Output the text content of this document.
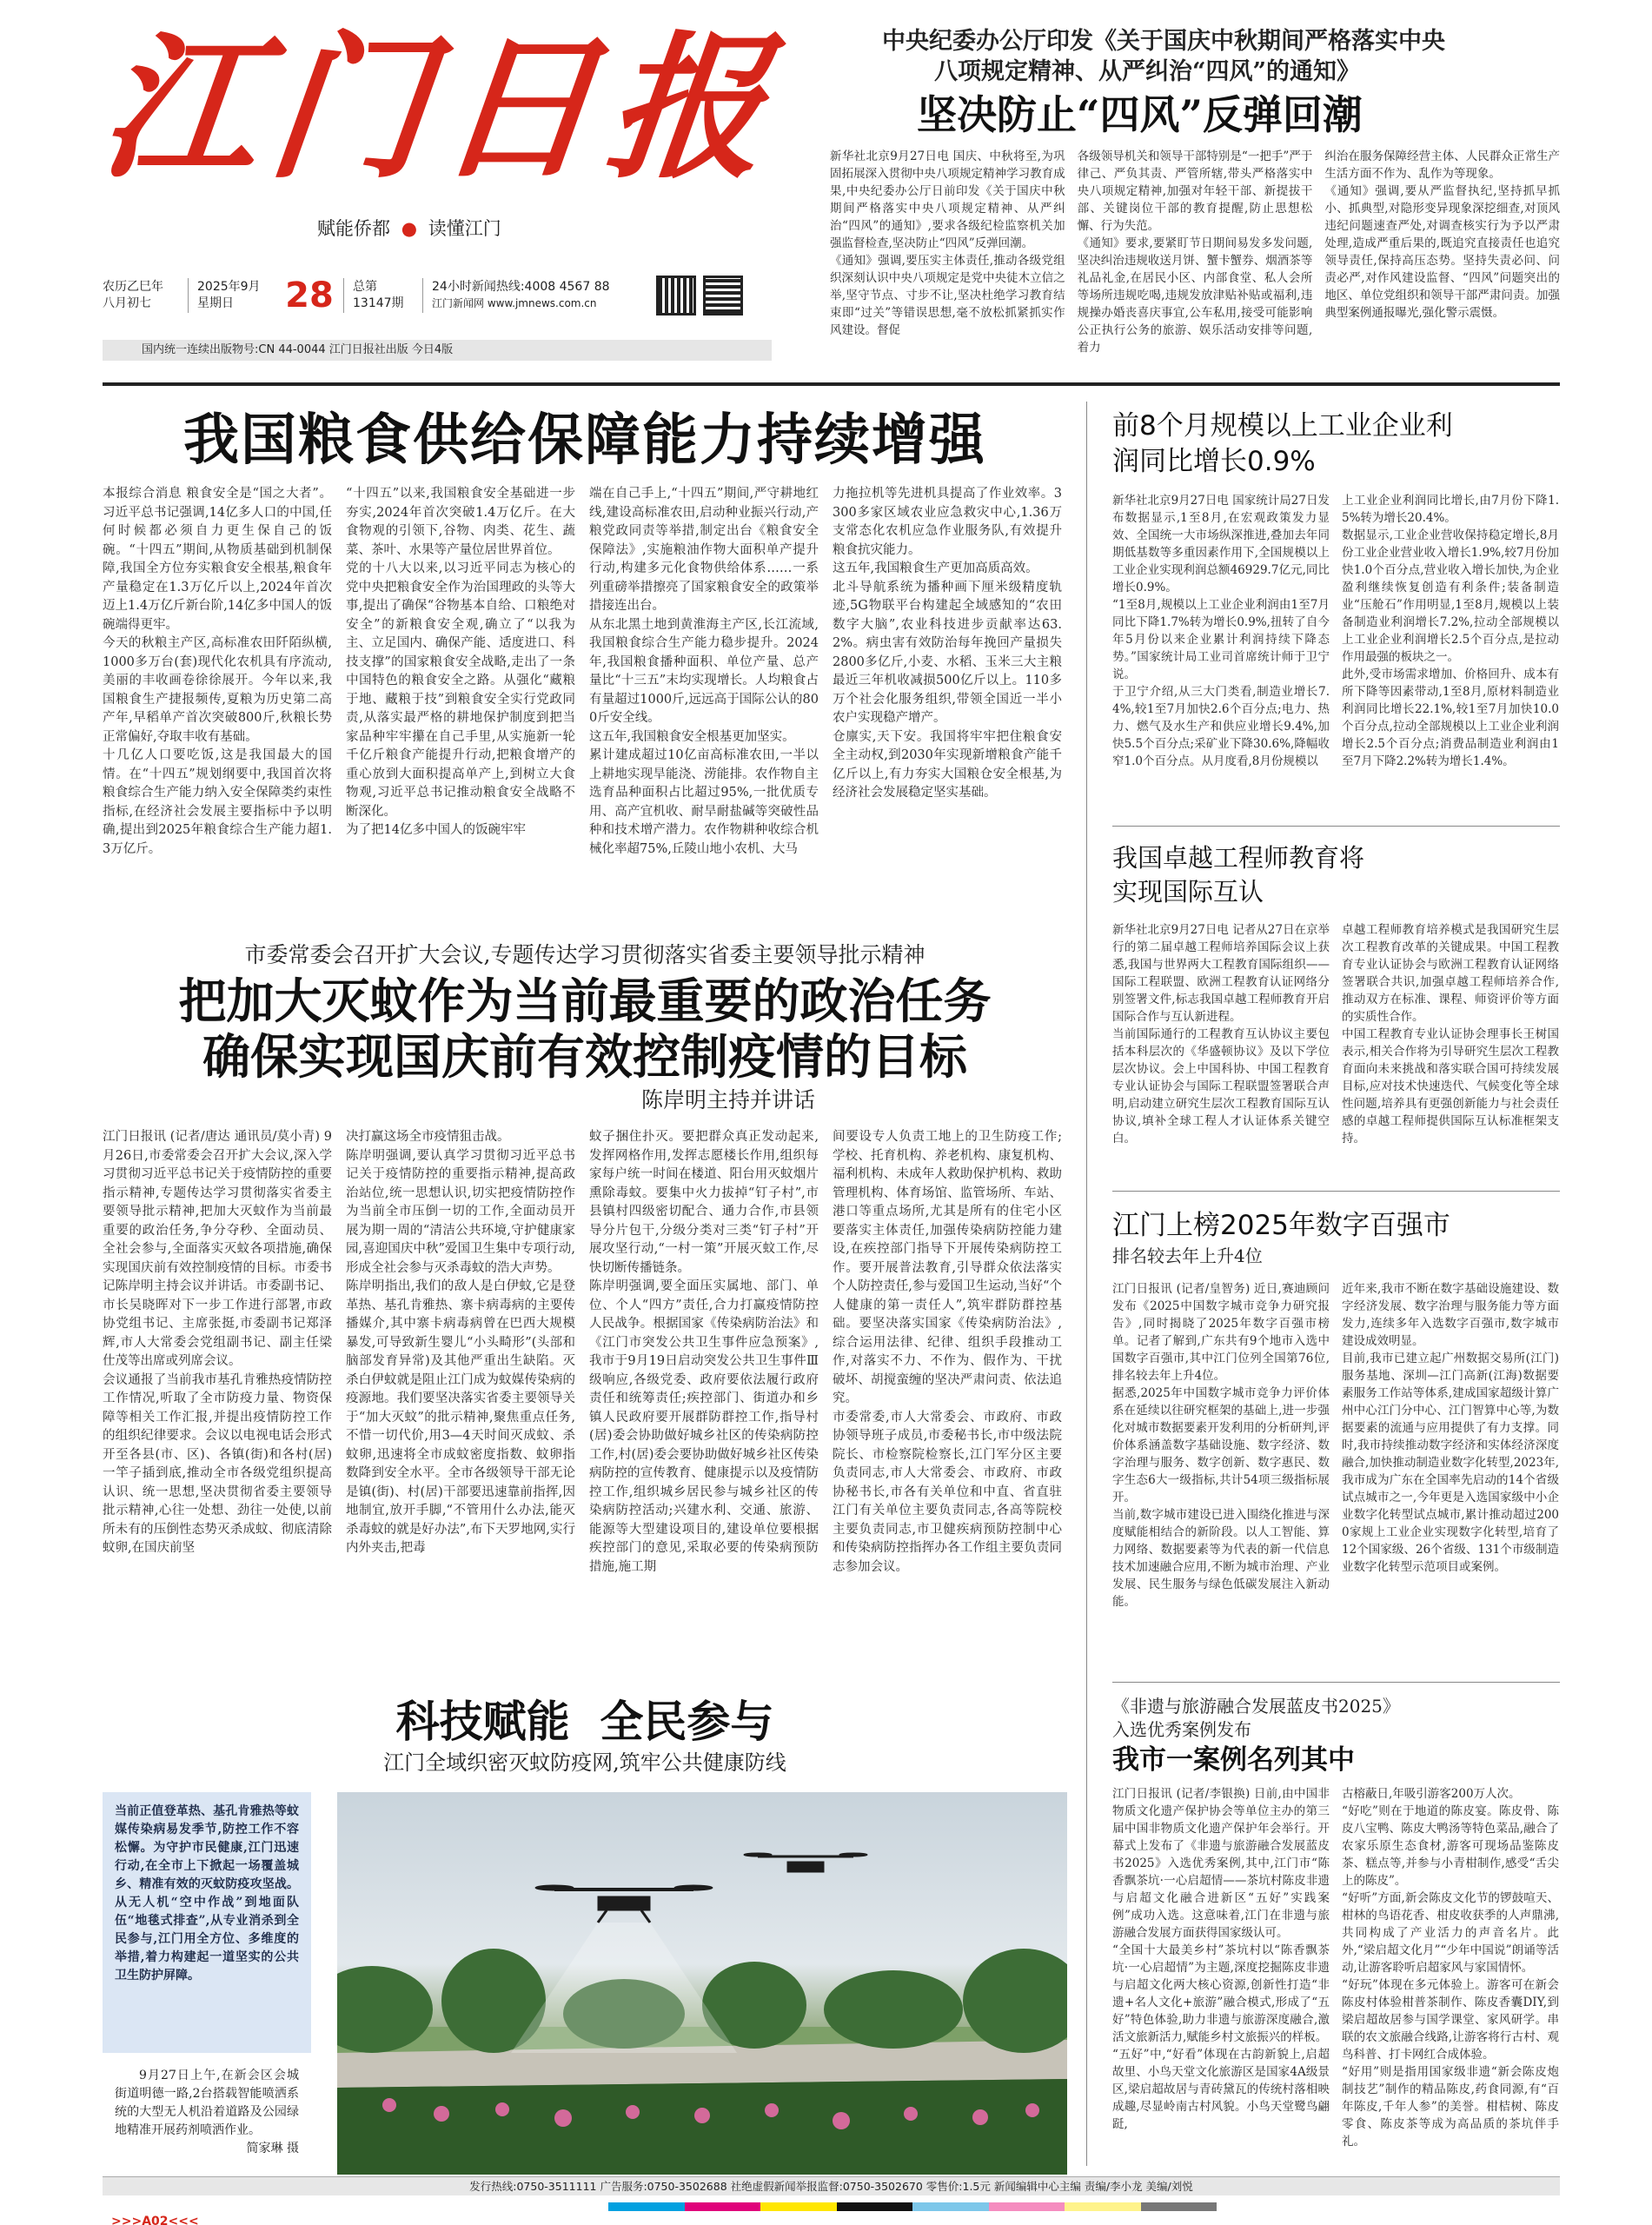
江门日报
赋能侨都 ● 读懂江门
农历乙巳年
八月初七
2025年9月
星期日	28 总第
13147期
24小时新闻热线:4008 4567 88
江门新闻网 www.jmnews.com.cn
国内统一连续出版物号:CN 44-0044 江门日报社出版 今日4版
中央纪委办公厅印发《关于国庆中秋期间严格落实中央
八项规定精神、从严纠治“四风”的通知》
坚决防止“四风”反弹回潮
新华社北京9月27日电 国庆、中秋将至,为巩固拓展深入贯彻中央八项规定精神学习教育成果,中央纪委办公厅日前印发《关于国庆中秋期间严格落实中央八项规定精神、从严纠治“四风”的通知》,要求各级纪检监察机关加强监督检查,坚决防止“四风”反弹回潮。
《通知》强调,要压实主体责任,推动各级党组织深刻认识中央八项规定是党中央徒木立信之举,坚守节点、寸步不让,坚决杜绝学习教育结束即“过关”等错误思想,毫不放松抓紧抓实作风建设。督促
各级领导机关和领导干部特别是“一把手”严于律己、严负其责、严管所辖,带头严格落实中央八项规定精神,加强对年轻干部、新提拔干部、关键岗位干部的教育提醒,防止思想松懈、行为失范。
《通知》要求,要紧盯节日期间易发多发问题,坚决纠治违规收送月饼、蟹卡蟹券、烟酒茶等礼品礼金,在居民小区、内部食堂、私人会所等场所违规吃喝,违规发放津贴补贴或福利,违规操办婚丧喜庆事宜,公车私用,接受可能影响公正执行公务的旅游、娱乐活动安排等问题,着力
纠治在服务保障经营主体、人民群众正常生产生活方面不作为、乱作为等现象。
《通知》强调,要从严监督执纪,坚持抓早抓小、抓典型,对隐形变异现象深挖细查,对顶风违纪问题速查严处,对调查核实行为予以严肃处理,造成严重后果的,既追究直接责任也追究领导责任,保持高压态势。坚持失责必问、问责必严,对作风建设监督、“四风”问题突出的地区、单位党组织和领导干部严肃问责。加强典型案例通报曝光,强化警示震慑。
我国粮食供给保障能力持续增强
本报综合消息 粮食安全是“国之大者”。习近平总书记强调,14亿多人口的中国,任何时候都必须自力更生保自己的饭碗。“十四五”期间,从物质基础到机制保障,我国全方位夯实粮食安全根基,粮食年产量稳定在1.3万亿斤以上,2024年首次迈上1.4万亿斤新台阶,14亿多中国人的饭碗端得更牢。
今天的秋粮主产区,高标准农田阡陌纵横,1000多万台(套)现代化农机具有序流动,美丽的丰收画卷徐徐展开。今年以来,我国粮食生产捷报频传,夏粮为历史第二高产年,早稻单产首次突破800斤,秋粮长势正常偏好,夺取丰收有基础。
十几亿人口要吃饭,这是我国最大的国情。在“十四五”规划纲要中,我国首次将粮食综合生产能力纳入安全保障类约束性指标,在经济社会发展主要指标中予以明确,提出到2025年粮食综合生产能力超1.3万亿斤。
“十四五”以来,我国粮食安全基础进一步夯实,2024年首次突破1.4万亿斤。在大食物观的引领下,谷物、肉类、花生、蔬菜、茶叶、水果等产量位居世界首位。
党的十八大以来,以习近平同志为核心的党中央把粮食安全作为治国理政的头等大事,提出了确保“谷物基本自给、口粮绝对安全”的新粮食安全观,确立了“以我为主、立足国内、确保产能、适度进口、科技支撑”的国家粮食安全战略,走出了一条中国特色的粮食安全之路。从强化“藏粮于地、藏粮于技”到粮食安全实行党政同责,从落实最严格的耕地保护制度到把当家品种牢牢攥在自己手里,从实施新一轮千亿斤粮食产能提升行动,把粮食增产的重心放到大面积提高单产上,到树立大食物观,习近平总书记推动粮食安全战略不断深化。
为了把14亿多中国人的饭碗牢牢
端在自己手上,“十四五”期间,严守耕地红线,建设高标准农田,启动种业振兴行动,产粮党政同责等举措,制定出台《粮食安全保障法》,实施粮油作物大面积单产提升行动,构建多元化食物供给体系……一系列重磅举措擦亮了国家粮食安全的政策举措接连出台。
从东北黑土地到黄淮海主产区,长江流域,我国粮食综合生产能力稳步提升。2024年,我国粮食播种面积、单位产量、总产量比“十三五”末均实现增长。人均粮食占有量超过1000斤,远远高于国际公认的800斤安全线。
这五年,我国粮食安全根基更加坚实。
累计建成超过10亿亩高标准农田,一半以上耕地实现旱能浇、涝能排。农作物自主选育品种面积占比超过95%,一批优质专用、高产宜机收、耐旱耐盐碱等突破性品种和技术增产潜力。农作物耕种收综合机械化率超75%,丘陵山地小农机、大马
力拖拉机等先进机具提高了作业效率。3300多家区域农业应急救灾中心,1.36万支常态化农机应急作业服务队,有效提升粮食抗灾能力。
这五年,我国粮食生产更加高质高效。
北斗导航系统为播种画下厘米级精度轨迹,5G物联平台构建起全域感知的“农田数字大脑”,农业科技进步贡献率达63.2%。病虫害有效防治每年挽回产量损失2800多亿斤,小麦、水稻、玉米三大主粮最近三年机收减损500亿斤以上。110多万个社会化服务组织,带领全国近一半小农户实现稳产增产。
仓廪实,天下安。我国将牢牢把住粮食安全主动权,到2030年实现新增粮食产能千亿斤以上,有力夯实大国粮仓安全根基,为经济社会发展稳定坚实基础。
市委常委会召开扩大会议,专题传达学习贯彻落实省委主要领导批示精神
把加大灭蚊作为当前最重要的政治任务
确保实现国庆前有效控制疫情的目标
陈岸明主持并讲话
江门日报讯 (记者/唐达 通讯员/莫小青) 9月26日,市委常委会召开扩大会议,深入学习贯彻习近平总书记关于疫情防控的重要指示精神,专题传达学习贯彻落实省委主要领导批示精神,把加大灭蚊作为当前最重要的政治任务,争分夺秒、全面动员、全社会参与,全面落实灭蚊各项措施,确保实现国庆前有效控制疫情的目标。市委书记陈岸明主持会议并讲话。市委副书记、市长吴晓晖对下一步工作进行部署,市政协党组书记、主席张挺,市委副书记郑泽辉,市人大常委会党组副书记、副主任梁仕茂等出席或列席会议。
会议通报了当前我市基孔肯雅热疫情防控工作情况,听取了全市防疫力量、物资保障等相关工作汇报,并提出疫情防控工作的组织纪律要求。会议以电视电话会形式开至各县(市、区)、各镇(街)和各村(居)一竿子插到底,推动全市各级党组织提高认识、统一思想,坚决贯彻省委主要领导批示精神,心往一处想、劲往一处使,以前所未有的压倒性态势灭杀成蚊、彻底清除蚊卵,在国庆前坚
决打赢这场全市疫情狙击战。
陈岸明强调,要认真学习贯彻习近平总书记关于疫情防控的重要指示精神,提高政治站位,统一思想认识,切实把疫情防控作为当前全市压倒一切的工作,全面动员开展为期一周的“清洁公共环境,守护健康家园,喜迎国庆中秋”爱国卫生集中专项行动,形成全社会参与灭杀毒蚊的浩大声势。
陈岸明指出,我们的敌人是白伊蚊,它是登革热、基孔肯雅热、寨卡病毒病的主要传播媒介,其中寨卡病毒病曾在巴西大规模暴发,可导致新生婴儿“小头畸形”(头部和脑部发育异常)及其他严重出生缺陷。灭杀白伊蚊就是阻止江门成为蚊媒传染病的疫源地。我们要坚决落实省委主要领导关于“加大灭蚊”的批示精神,聚焦重点任务,不惜一切代价,用3—4天时间灭成蚊、杀蚊卵,迅速将全市成蚊密度指数、蚊卵指数降到安全水平。全市各级领导干部无论是镇(街)、村(居)干部要迅速靠前指挥,因地制宜,放开手脚,“不管用什么办法,能灭杀毒蚊的就是好办法”,布下天罗地网,实行内外夹击,把毒
蚊子捆住扑灭。要把群众真正发动起来,发挥网格作用,发挥志愿楼长作用,组织每家每户统一时间在楼道、阳台用灭蚊烟片熏除毒蚊。要集中火力拔掉“钉子村”,市县镇村四级密切配合、通力合作,市县领导分片包干,分级分类对三类“钉子村”开展攻坚行动,“一村一策”开展灭蚊工作,尽快切断传播链条。
陈岸明强调,要全面压实属地、部门、单位、个人“四方”责任,合力打赢疫情防控人民战争。根据国家《传染病防治法》和《江门市突发公共卫生事件应急预案》,我市于9月19日启动突发公共卫生事件Ⅲ级响应,各级党委、政府要依法履行政府责任和统筹责任;疾控部门、街道办和乡镇人民政府要开展群防群控工作,指导村(居)委会协助做好城乡社区的传染病防控工作,村(居)委会要协助做好城乡社区传染病防控的宣传教育、健康提示以及疫情防控工作,组织城乡居民参与城乡社区的传染病防控活动;兴建水利、交通、旅游、能源等大型建设项目的,建设单位要根据疾控部门的意见,采取必要的传染病预防措施,施工期
间要设专人负责工地上的卫生防疫工作;学校、托育机构、养老机构、康复机构、福利机构、未成年人救助保护机构、救助管理机构、体育场馆、监管场所、车站、港口等重点场所,尤其是所有的住宅小区要落实主体责任,加强传染病防控能力建设,在疾控部门指导下开展传染病防控工作。要开展普法教育,引导群众依法落实个人防控责任,参与爱国卫生运动,当好“个人健康的第一责任人”,筑牢群防群控基础。要坚决落实国家《传染病防治法》,综合运用法律、纪律、组织手段推动工作,对落实不力、不作为、假作为、干扰破坏、胡搅蛮缠的坚决严肃问责、依法追究。
市委常委,市人大常委会、市政府、市政协领导班子成员,市委秘书长,市中级法院院长、市检察院检察长,江门军分区主要负责同志,市人大常委会、市政府、市政协秘书长,市各有关单位和中直、省直驻江门有关单位主要负责同志,各高等院校主要负责同志,市卫健疾病预防控制中心和传染病防控指挥办各工作组主要负责同志参加会议。
科技赋能  全民参与
江门全域织密灭蚊防疫网,筑牢公共健康防线
当前正值登革热、基孔肯雅热等蚊媒传染病易发季节,防控工作不容松懈。为守护市民健康,江门迅速行动,在全市上下掀起一场覆盖城乡、精准有效的灭蚊防疫攻坚战。从无人机“空中作战”到地面队伍“地毯式排查”,从专业消杀到全民参与,江门用全方位、多维度的举措,着力构建起一道坚实的公共卫生防护屏障。
9月27日上午,在新会区会城街道明德一路,2台搭载智能喷洒系统的大型无人机沿着道路及公园绿地精准开展药剂喷洒作业。
简家琳 摄
>>>A02<<<
前8个月规模以上工业企业利润同比增长0.9%
新华社北京9月27日电 国家统计局27日发布数据显示,1至8月,在宏观政策发力显效、全国统一大市场纵深推进,叠加去年同期低基数等多重因素作用下,全国规模以上工业企业实现利润总额46929.7亿元,同比增长0.9%。
“1至8月,规模以上工业企业利润由1至7月同比下降1.7%转为增长0.9%,扭转了自今年5月份以来企业累计利润持续下降态势。”国家统计局工业司首席统计师于卫宁说。
于卫宁介绍,从三大门类看,制造业增长7.4%,较1至7月加快2.6个百分点;电力、热力、燃气及水生产和供应业增长9.4%,加快5.5个百分点;采矿业下降30.6%,降幅收窄1.0个百分点。从月度看,8月份规模以
上工业企业利润同比增长,由7月份下降1.5%转为增长20.4%。
数据显示,工业企业营收保持稳定增长,8月份工业企业营业收入增长1.9%,较7月份加快1.0个百分点,营业收入增长加快,为企业盈利继续恢复创造有利条件;装备制造业“压舱石”作用明显,1至8月,规模以上装备制造业利润增长7.2%,拉动全部规模以上工业企业利润增长2.5个百分点,是拉动作用最强的板块之一。
此外,受市场需求增加、价格回升、成本有所下降等因素带动,1至8月,原材料制造业利润同比增长22.1%,较1至7月加快10.0个百分点,拉动全部规模以上工业企业利润增长2.5个百分点;消费品制造业利润由1至7月下降2.2%转为增长1.4%。
我国卓越工程师教育将实现国际互认
新华社北京9月27日电 记者从27日在京举行的第二届卓越工程师培养国际会议上获悉,我国与世界两大工程教育国际组织——国际工程联盟、欧洲工程教育认证网络分别签署文件,标志我国卓越工程师教育开启国际合作与互认新进程。
当前国际通行的工程教育互认协议主要包括本科层次的《华盛顿协议》及以下学位层次协议。会上中国科协、中国工程教育专业认证协会与国际工程联盟签署联合声明,启动建立研究生层次工程教育国际互认协议,填补全球工程人才认证体系关键空白。
卓越工程师教育培养模式是我国研究生层次工程教育改革的关键成果。中国工程教育专业认证协会与欧洲工程教育认证网络签署联合共识,加强卓越工程师培养合作,推动双方在标准、课程、师资评价等方面的实质性合作。
中国工程教育专业认证协会理事长王树国表示,相关合作将为引导研究生层次工程教育面向未来挑战和落实联合国可持续发展目标,应对技术快速迭代、气候变化等全球性问题,培养具有更强创新能力与社会责任感的卓越工程师提供国际互认标准框架支持。
江门上榜2025年数字百强市
排名较去年上升4位
江门日报讯 (记者/皇智务) 近日,赛迪顾问发布《2025中国数字城市竞争力研究报告》,同时揭晓了2025年数字百强市榜单。记者了解到,广东共有9个地市入选中国数字百强市,其中江门位列全国第76位,排名较去年上升4位。
据悉,2025年中国数字城市竞争力评价体系在延续以往研究框架的基础上,进一步强化对城市数据要素开发利用的分析研判,评价体系涵盖数字基础设施、数字经济、数字治理与服务、数字创新、数字惠民、数字生态6大一级指标,共计54项三级指标展开。
当前,数字城市建设已进入围绕化推进与深度赋能相结合的新阶段。以人工智能、算力网络、数据要素等为代表的新一代信息技术加速融合应用,不断为城市治理、产业发展、民生服务与绿色低碳发展注入新动能。
近年来,我市不断在数字基础设施建设、数字经济发展、数字治理与服务能力等方面发力,连续多年入选数字百强市,数字城市建设成效明显。
目前,我市已建立起广州数据交易所(江门)服务基地、深圳—江门高新(江海)数据要素服务工作站等体系,建成国家超级计算广州中心江门分中心、江门智算中心等,为数据要素的流通与应用提供了有力支撑。同时,我市持续推动数字经济和实体经济深度融合,加快推动制造业数字化转型,2023年,我市成为广东在全国率先启动的14个省级试点城市之一,今年更是入选国家级中小企业数字化转型试点城市,累计推动超过2000家规上工业企业实现数字化转型,培育了12个国家级、26个省级、131个市级制造业数字化转型示范项目或案例。
《非遗与旅游融合发展蓝皮书2025》
入选优秀案例发布
我市一案例名列其中
江门日报讯 (记者/李银换) 日前,由中国非物质文化遗产保护协会等单位主办的第三届中国非物质文化遗产保护年会举行。开幕式上发布了《非遗与旅游融合发展蓝皮书2025》入选优秀案例,其中,江门市“陈香飘茶坑·一心启超情——茶坑村陈皮非遗与启超文化融合进新区“五好”实践案例”成功入选。这意味着,江门在非遗与旅游融合发展方面获得国家级认可。
“全国十大最美乡村”茶坑村以“陈香飘茶坑·一心启超情”为主题,深度挖掘陈皮非遗与启超文化两大核心资源,创新性打造“非遗+名人文化+旅游”融合模式,形成了“五好”特色体验,助力非遗与旅游深度融合,激活文旅新活力,赋能乡村文旅振兴的样板。
“五好”中,“好看”体现在古韵新貌上,启超故里、小鸟天堂文化旅游区是国家4A级景区,梁启超故居与青砖黛瓦的传统村落相映成趣,尽显岭南古村风貌。小鸟天堂鹭鸟翩跹,
古榕蔽日,年吸引游客200万人次。
“好吃”则在于地道的陈皮宴。陈皮骨、陈皮八宝鸭、陈皮大鸭汤等特色菜品,融合了农家乐原生态食材,游客可现场品鉴陈皮茶、糕点等,并参与小青柑制作,感受“舌尖上的陈皮”。
“好听”方面,新会陈皮文化节的锣鼓喧天、柑林的鸟语花香、柑皮收获季的人声鼎沸,共同构成了产业活力的声音名片。此外,“梁启超文化月”“少年中国说”朗诵等活动,让游客聆听启超家风与家国情怀。
“好玩”体现在多元体验上。游客可在新会陈皮村体验柑普茶制作、陈皮香囊DIY,到梁启超故居参与国学课堂、家风研学。串联的农文旅融合线路,让游客将行古村、观鸟科普、打卡网红合成体验。
“好用”则是指用国家级非遗“新会陈皮炮制技艺”制作的精品陈皮,药食同源,有“百年陈皮,千年人参”的美誉。柑桔树、陈皮零食、陈皮茶等成为高品质的茶坑伴手礼。
发行热线:0750-3511111 广告服务:0750-3502688 社绝虚假新闻举报监督:0750-3502670 零售价:1.5元 新闻编辑中心主编 责编/李小龙 美编/刘悦
